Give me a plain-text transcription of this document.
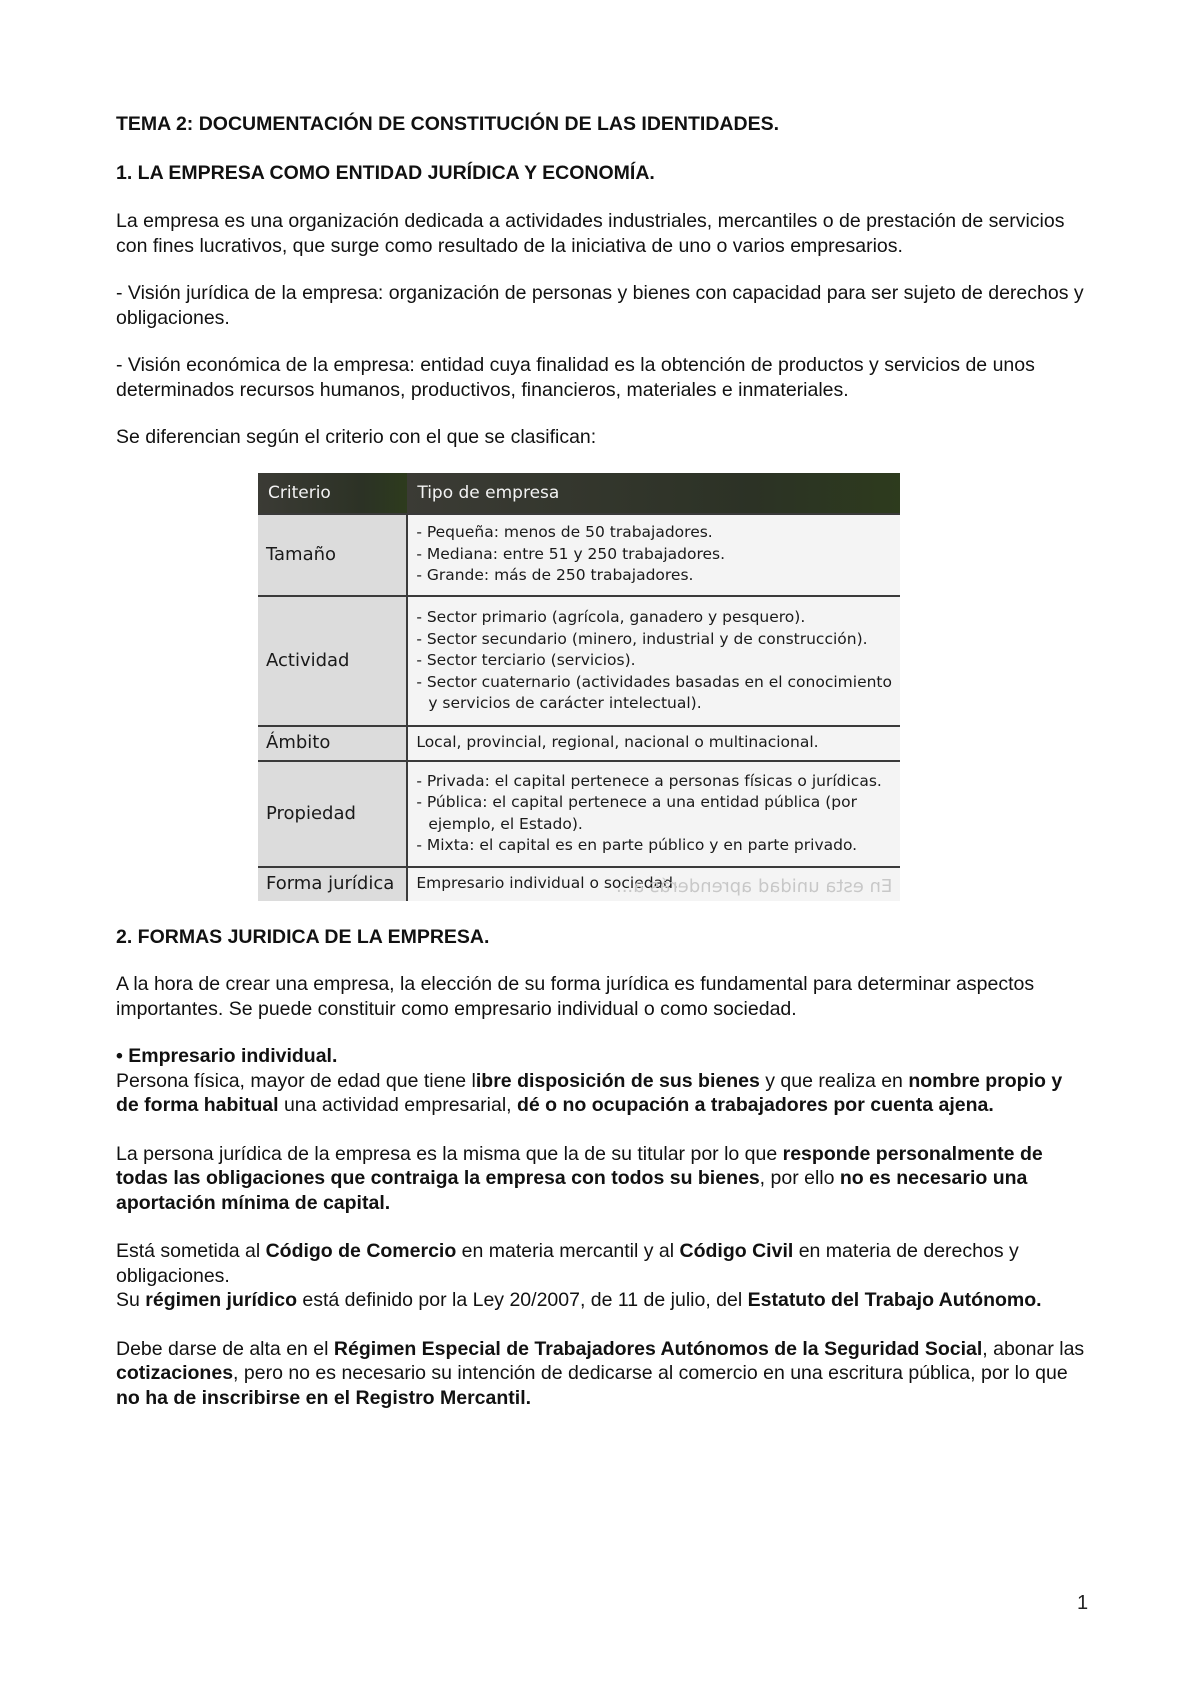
TEMA 2: DOCUMENTACIÓN DE CONSTITUCIÓN DE LAS IDENTIDADES.

1. LA EMPRESA COMO ENTIDAD JURÍDICA Y ECONOMÍA.

La empresa es una organización dedicada a actividades industriales, mercantiles o de prestación de servicios con fines lucrativos, que surge como resultado de la iniciativa de uno o varios empresarios.

- Visión jurídica de la empresa: organización de personas y bienes con capacidad para ser sujeto de derechos y obligaciones.

- Visión económica de la empresa: entidad cuya finalidad es la obtención de productos y servicios de unos determinados recursos humanos, productivos, financieros, materiales e inmateriales.

Se diferencian según el criterio con el que se clasifican:

Criterio	Tipo de empresa
Tamaño	- Pequeña: menos de 50 trabajadores.
- Mediana: entre 51 y 250 trabajadores.
- Grande: más de 250 trabajadores.

Actividad	- Sector primario (agrícola, ganadero y pesquero).
- Sector secundario (minero, industrial y de construcción).
- Sector terciario (servicios).
- Sector cuaternario (actividades basadas en el conocimiento
y servicios de carácter intelectual).

Ámbito	Local, provincial, regional, nacional o multinacional.

Propiedad	- Privada: el capital pertenece a personas físicas o jurídicas.
- Pública: el capital pertenece a una entidad pública (por
ejemplo, el Estado).
- Mixta: el capital es en parte público y en parte privado.

Forma jurídica	Empresario individual o sociedad.
En esta unidad aprenderás a...

2. FORMAS JURIDICA DE LA EMPRESA.

A la hora de crear una empresa, la elección de su forma jurídica es fundamental para determinar aspectos importantes. Se puede constituir como empresario individual o como sociedad.

• Empresario individual.

Persona física, mayor de edad que tiene libre disposición de sus bienes y que realiza en nombre propio y de forma habitual una actividad empresarial, dé o no ocupación a trabajadores por cuenta ajena.

La persona jurídica de la empresa es la misma que la de su titular por lo que responde personalmente de todas las obligaciones que contraiga la empresa con todos su bienes, por ello no es necesario una aportación mínima de capital.

Está sometida al Código de Comercio en materia mercantil y al Código Civil en materia de derechos y obligaciones.

Su régimen jurídico está definido por la Ley 20/2007, de 11 de julio, del Estatuto del Trabajo Autónomo.

Debe darse de alta en el Régimen Especial de Trabajadores Autónomos de la Seguridad Social, abonar las cotizaciones, pero no es necesario su intención de dedicarse al comercio en una escritura pública, por lo que no ha de inscribirse en el Registro Mercantil.

1
